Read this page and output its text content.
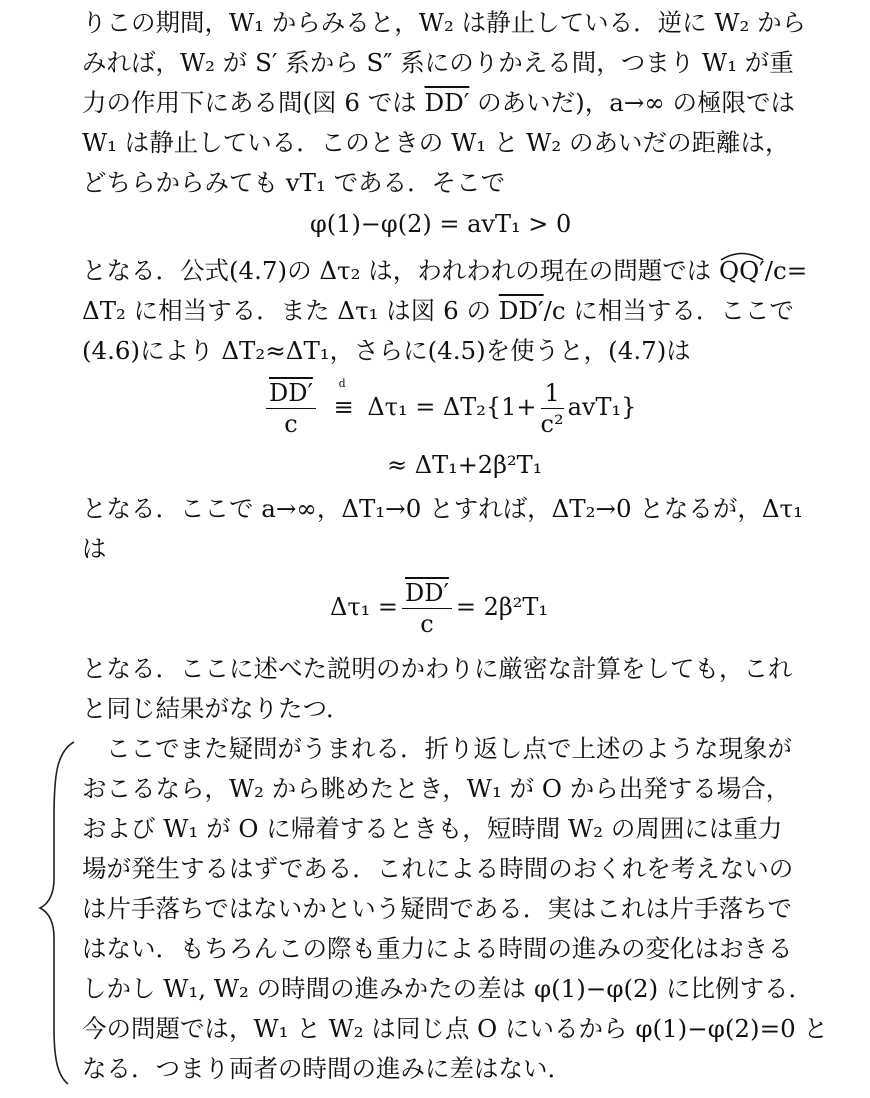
りこの期間，W₁ からみると，W₂ は静止している．逆に W₂ から
みれば，W₂ が S′ 系から S″ 系にのりかえる間，つまり W₁ が重
力の作用下にある間(図 6 では DD′ のあいだ)，a→∞ の極限では
W₁ は静止している．このときの W₁ と W₂ のあいだの距離は，
どちらからみても vT₁ である．そこで
φ(1)−φ(2) = avT₁ > 0
となる．公式(4.7)の Δτ₂ は，われわれの現在の問題では
QQ′/c=
ΔT₂ に相当する．また Δτ₁ は図 6 の DD′/c に相当する．ここで
(4.6)により ΔT₂≈ΔT₁，さらに(4.5)を使うと，(4.7)は
$\frac{DD'}{c}$
d
≡ $\Delta\tau_1 = \Delta T_2\{1+ \frac{1}{\text{c²}} avT_1\}$
≈ ΔT₁+2β²T₁
となる．ここで a→∞，ΔT₁→0 とすれば，ΔT₂→0 となるが，Δτ₁
は
$\Delta\tau_1 = \frac{DD'}{c} = 2\beta^2T_1$
となる．ここに述べた説明のかわりに厳密な計算をしても，これ
と同じ結果がなりたつ．
ここでまた疑問がうまれる．折り返し点で上述のような現象が
おこるなら，W₂ から眺めたとき，W₁ が O から出発する場合，
および W₁ が O に帰着するときも，短時間 W₂ の周囲には重力
場が発生するはずである．これによる時間のおくれを考えないの
は片手落ちではないかという疑問である．実はこれは片手落ちで
はない．もちろんこの際も重力による時間の進みの変化はおきる
しかし W₁, W₂ の時間の進みかたの差は φ(1)−φ(2) に比例する．
今の問題では，W₁ と W₂ は同じ点 O にいるから φ(1)−φ(2)=0 と
なる．つまり両者の時間の進みに差はない．
